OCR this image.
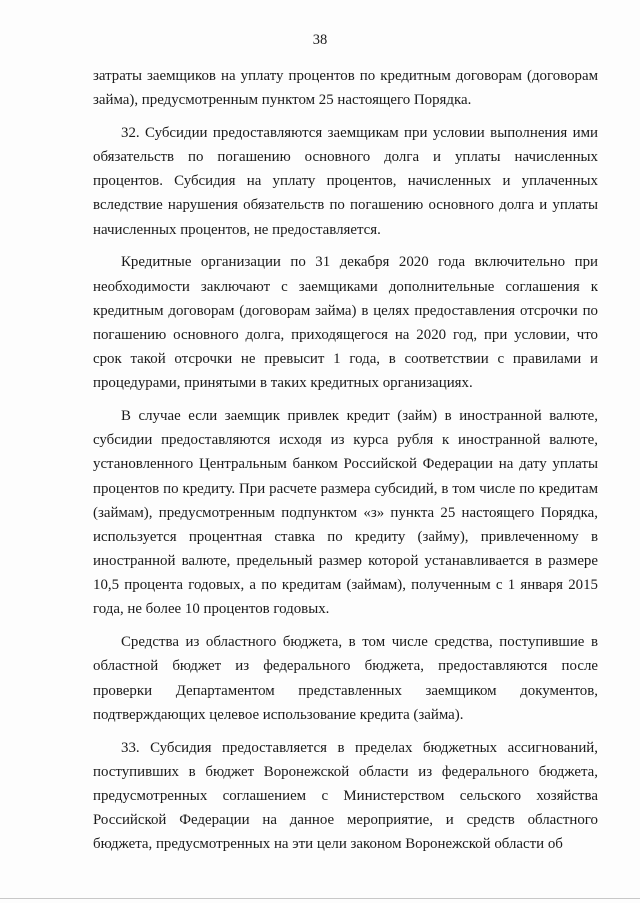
38
затраты заемщиков на уплату процентов по кредитным договорам (договорам
займа), предусмотренным пунктом 25 настоящего Порядка.
32. Субсидии предоставляются заемщикам при условии выполнения ими
обязательств по погашению основного долга и уплаты начисленных
процентов. Субсидия на уплату процентов, начисленных и уплаченных
вследствие нарушения обязательств по погашению основного долга и уплаты
начисленных процентов, не предоставляется.
Кредитные организации по 31 декабря 2020 года включительно при
необходимости заключают с заемщиками дополнительные соглашения к
кредитным договорам (договорам займа) в целях предоставления отсрочки по
погашению основного долга, приходящегося на 2020 год, при условии, что
срок такой отсрочки не превысит 1 года, в соответствии с правилами и
процедурами, принятыми в таких кредитных организациях.
В случае если заемщик привлек кредит (займ) в иностранной валюте,
субсидии предоставляются исходя из курса рубля к иностранной валюте,
установленного Центральным банком Российской Федерации на дату уплаты
процентов по кредиту. При расчете размера субсидий, в том числе по кредитам
(займам), предусмотренным подпунктом «з» пункта 25 настоящего Порядка,
используется процентная ставка по кредиту (займу), привлеченному в
иностранной валюте, предельный размер которой устанавливается в размере
10,5 процента годовых, а по кредитам (займам), полученным с 1 января 2015
года, не более 10 процентов годовых.
Средства из областного бюджета, в том числе средства, поступившие в
областной бюджет из федерального бюджета, предоставляются после
проверки Департаментом представленных заемщиком документов,
подтверждающих целевое использование кредита (займа).
33. Субсидия предоставляется в пределах бюджетных ассигнований,
поступивших в бюджет Воронежской области из федерального бюджета,
предусмотренных соглашением с Министерством сельского хозяйства
Российской Федерации на данное мероприятие, и средств областного
бюджета, предусмотренных на эти цели законом Воронежской области об
